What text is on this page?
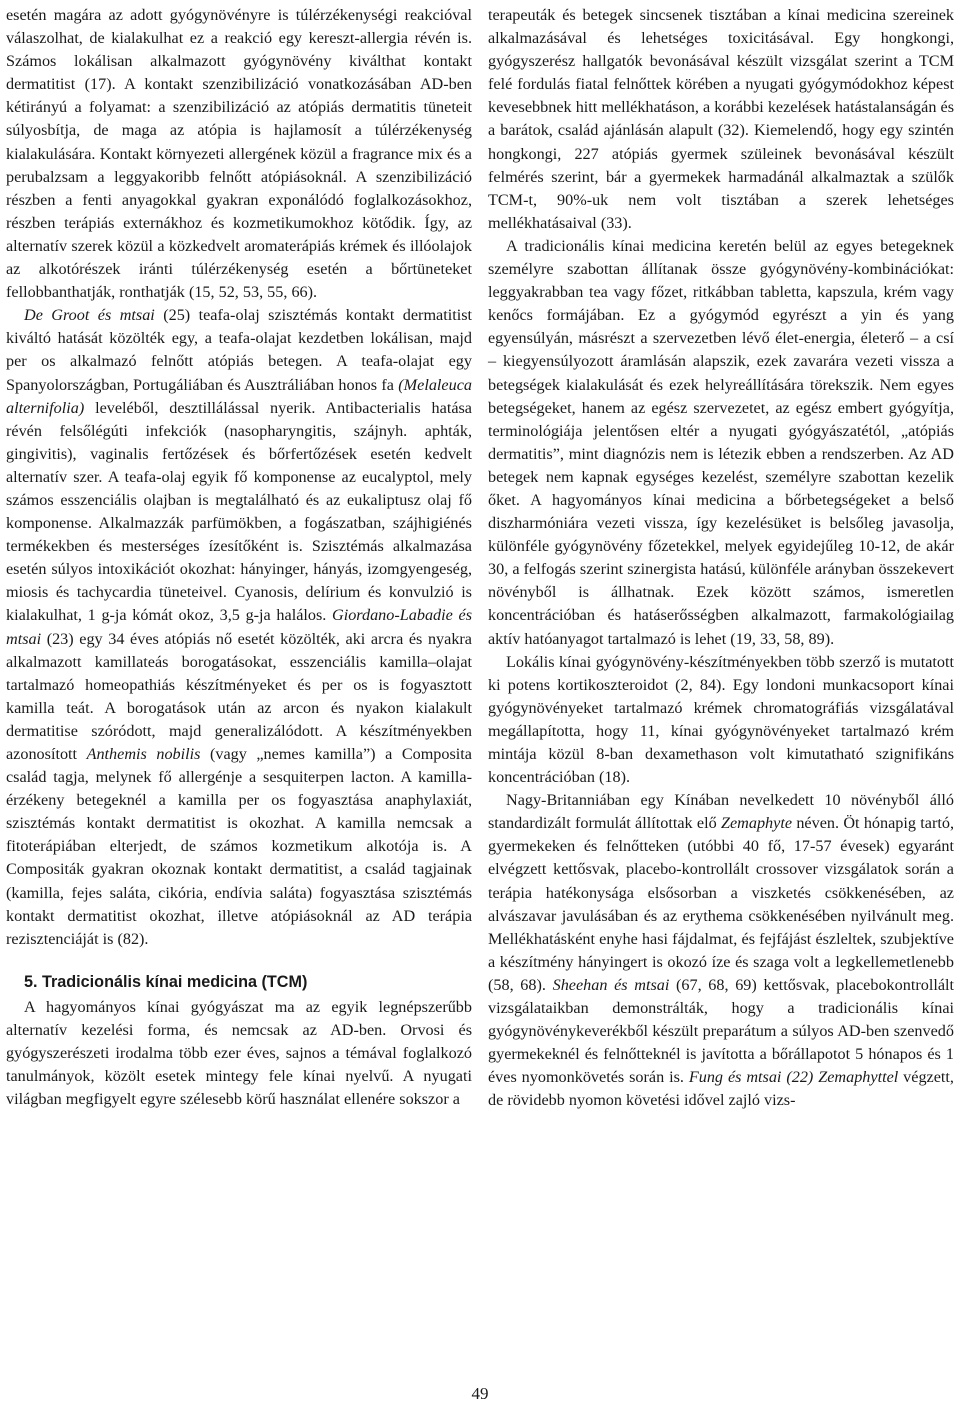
esetén magára az adott gyógynövényre is túlérzékenységi reakcióval válaszolhat, de kialakulhat ez a reakció egy kereszt-allergia révén is. Számos lokálisan alkalmazott gyógynövény kiválthat kontakt dermatitist (17). A kontakt szenzibilizáció vonatkozásában AD-ben kétirányú a folyamat: a szenzibilizáció az atópiás dermatitis tüneteit súlyosbítja, de maga az atópia is hajlamosít a túlérzékenység kialakulására. Kontakt környezeti allergének közül a fragrance mix és a perubalzsam a leggyakoribb felnőtt atópiásoknál. A szenzibilizáció részben a fenti anyagokkal gyakran exponálódó foglalkozásokhoz, részben terápiás externákhoz és kozmetikumokhoz kötődik. Így, az alternatív szerek közül a közkedvelt aromaterápiás krémek és illóolajok az alkotórészek iránti túlérzékenység esetén a bőrtüneteket fellobbanthatják, ronthatják (15, 52, 53, 55, 66).

De Groot és mtsai (25) teafa-olaj szisztémás kontakt dermatitist kiváltó hatását közölték egy, a teafa-olajat kezdetben lokálisan, majd per os alkalmazó felnőtt atópiás betegen. A teafa-olajat egy Spanyolországban, Portugáliában és Ausztráliában honos fa (Melaleuca alternifolia) leveléből, desztillálással nyerik. Antibacterialis hatása révén felsőlégúti infekciók (nasopharyngitis, szájnyh. aphták, gingivitis), vaginalis fertőzések és bőrfertőzések esetén kedvelt alternatív szer. A teafa-olaj egyik fő komponense az eucalyptol, mely számos esszenciális olajban is megtalálható és az eukaliptusz olaj fő komponense. Alkalmazzák parfümökben, a fogászatban, szájhigiénés termékekben és mesterséges ízesítőként is. Szisztémás alkalmazása esetén súlyos intoxikációt okozhat: hányinger, hányás, izomgyengeség, miosis és tachycardia tüneteivel. Cyanosis, delírium és konvulzió is kialakulhat, 1 g-ja kómát okoz, 3,5 g-ja halálos. Giordano-Labadie és mtsai (23) egy 34 éves atópiás nő esetét közölték, aki arcra és nyakra alkalmazott kamillateás borogatásokat, esszenciális kamilla–olajat tartalmazó homeopathiás készítményeket és per os is fogyasztott kamilla teát. A borogatások után az arcon és nyakon kialakult dermatitise szóródott, majd generalizálódott. A készítményekben azonosított Anthemis nobilis (vagy „nemes kamilla”) a Composita család tagja, melynek fő allergénje a sesquiterpen lacton. A kamilla-érzékeny betegeknél a kamilla per os fogyasztása anaphylaxiát, szisztémás kontakt dermatitist is okozhat. A kamilla nemcsak a fitoterápiában elterjedt, de számos kozmetikum alkotója is. A Compositák gyakran okoznak kontakt dermatitist, a család tagjainak (kamilla, fejes saláta, cikória, endívia saláta) fogyasztása szisztémás kontakt dermatitist okozhat, illetve atópiásoknál az AD terápia rezisztenciáját is (82).

5. Tradicionális kínai medicina (TCM)

A hagyományos kínai gyógyászat ma az egyik legnépszerűbb alternatív kezelési forma, és nemcsak az AD-ben. Orvosi és gyógyszerészeti irodalma több ezer éves, sajnos a témával foglalkozó tanulmányok, közölt esetek mintegy fele kínai nyelvű. A nyugati világban megfigyelt egyre szélesebb körű használat ellenére sokszor a

terapeuták és betegek sincsenek tisztában a kínai medicina szereinek alkalmazásával és lehetséges toxicitásával. Egy hongkongi, gyógyszerész hallgatók bevonásával készült vizsgálat szerint a TCM felé fordulás fiatal felnőttek körében a nyugati gyógymódokhoz képest kevesebbnek hitt mellékhatáson, a korábbi kezelések hatástalanságán és a barátok, család ajánlásán alapult (32). Kiemelendő, hogy egy szintén hongkongi, 227 atópiás gyermek szüleinek bevonásával készült felmérés szerint, bár a gyermekek harmadánál alkalmaztak a szülők TCM-t, 90%-uk nem volt tisztában a szerek lehetséges mellékhatásaival (33).

A tradicionális kínai medicina keretén belül az egyes betegeknek személyre szabottan állítanak össze gyógynövény-kombinációkat: leggyakrabban tea vagy főzet, ritkábban tabletta, kapszula, krém vagy kenőcs formájában. Ez a gyógymód egyrészt a yin és yang egyensúlyán, másrészt a szervezetben lévő élet-energia, életerő – a csí – kiegyensúlyozott áramlásán alapszik, ezek zavarára vezeti vissza a betegségek kialakulását és ezek helyreállítására törekszik. Nem egyes betegségeket, hanem az egész szervezetet, az egész embert gyógyítja, terminológiája jelentősen eltér a nyugati gyógyászatétól, „atópiás dermatitis”, mint diagnózis nem is létezik ebben a rendszerben. Az AD betegek nem kapnak egységes kezelést, személyre szabottan kezelik őket. A hagyományos kínai medicina a bőrbetegségeket a belső diszharmóniára vezeti vissza, így kezelésüket is belsőleg javasolja, különféle gyógynövény főzetekkel, melyek egyidejűleg 10-12, de akár 30, a felfogás szerint szinergista hatású, különféle arányban összekevert növényből is állhatnak. Ezek között számos, ismeretlen koncentrációban és hatáserősségben alkalmazott, farmakológiailag aktív hatóanyagot tartalmazó is lehet (19, 33, 58, 89).

Lokális kínai gyógynövény-készítményekben több szerző is mutatott ki potens kortikoszteroidot (2, 84). Egy londoni munkacsoport kínai gyógynövényeket tartalmazó krémek chromatográfiás vizsgálatával megállapította, hogy 11, kínai gyógynövényeket tartalmazó krém mintája közül 8-ban dexamethason volt kimutatható szignifikáns koncentrációban (18).

Nagy-Britanniában egy Kínában nevelkedett 10 növényből álló standardizált formulát állítottak elő Zemaphyte néven. Öt hónapig tartó, gyermekeken és felnőtteken (utóbbi 40 fő, 17-57 évesek) egyaránt elvégzett kettősvak, placebo-kontrollált crossover vizsgálatok során a terápia hatékonysága elsősorban a viszketés csökkenésében, az alvászavar javulásában és az erythema csökkenésében nyilvánult meg. Mellékhatásként enyhe hasi fájdalmat, és fejfájást észleltek, szubjektíve a készítmény hányingert is okozó íze és szaga volt a legkellemetlenebb (58, 68). Sheehan és mtsai (67, 68, 69) kettősvak, placebokontrollált vizsgálataikban demonstrálták, hogy a tradicionális kínai gyógynövénykeverékből készült preparátum a súlyos AD-ben szenvedő gyermekeknél és felnőtteknél is javította a bőrállapotot 5 hónapos és 1 éves nyomonkövetés során is. Fung és mtsai (22) Zemaphyttel végzett, de rövidebb nyomon követési idővel zajló vizs-

49
